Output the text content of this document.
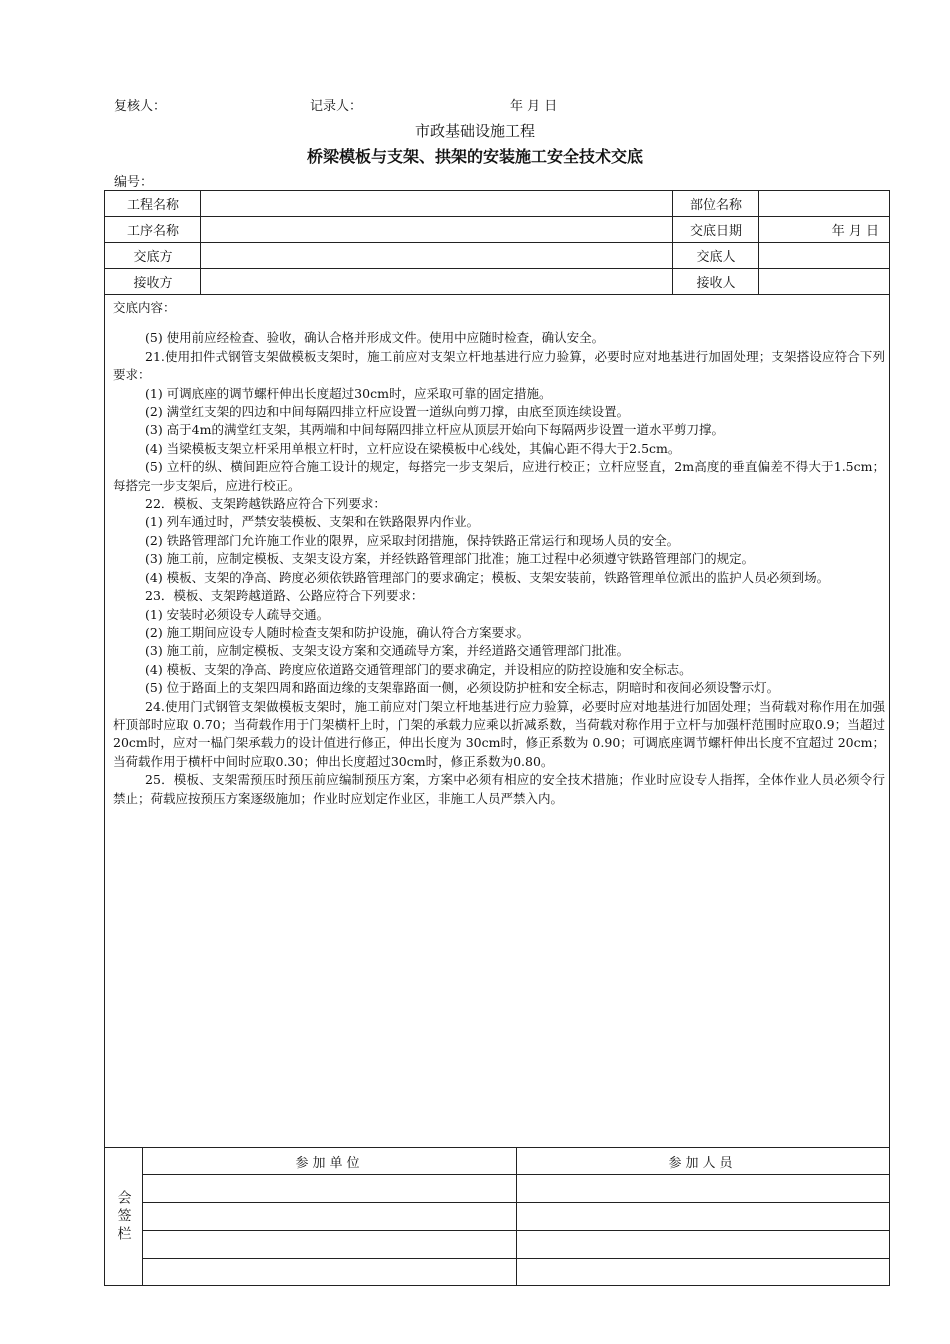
复核人：	记录人：	年 月 日
市政基础设施工程
桥梁模板与支架、拱架的安装施工安全技术交底
编号：
工程名称	部位名称
工序名称	交底日期	年 月 日
交底方	交底人
接收方	接收人

交底内容：

(5) 使用前应经检查、验收，确认合格并形成文件。使用中应随时检查，确认安全。

21.使用扣件式钢管支架做模板支架时，施工前应对支架立杆地基进行应力验算，必要时应对地基进行加固处理；支架搭设应符合下列要求：

(1) 可调底座的调节螺杆伸出长度超过30cm时，应采取可靠的固定措施。

(2) 满堂红支架的四边和中间每隔四排立杆应设置一道纵向剪刀撑，由底至顶连续设置。

(3) 高于4m的满堂红支架，其两端和中间每隔四排立杆应从顶层开始向下每隔两步设置一道水平剪刀撑。

(4) 当梁模板支架立杆采用单根立杆时，立杆应设在梁模板中心线处，其偏心距不得大于2.5cm。

(5) 立杆的纵、横间距应符合施工设计的规定，每搭完一步支架后，应进行校正；立杆应竖直，2m高度的垂直偏差不得大于1.5cm；每搭完一步支架后，应进行校正。

22．模板、支架跨越铁路应符合下列要求：

(1) 列车通过时，严禁安装模板、支架和在铁路限界内作业。

(2) 铁路管理部门允许施工作业的限界，应采取封闭措施，保持铁路正常运行和现场人员的安全。

(3) 施工前，应制定模板、支架支设方案，并经铁路管理部门批准；施工过程中必须遵守铁路管理部门的规定。

(4) 模板、支架的净高、跨度必须依铁路管理部门的要求确定；模板、支架安装前，铁路管理单位派出的监护人员必须到场。

23．模板、支架跨越道路、公路应符合下列要求：

(1) 安装时必须设专人疏导交通。

(2) 施工期间应设专人随时检查支架和防护设施，确认符合方案要求。

(3) 施工前，应制定模板、支架支设方案和交通疏导方案，并经道路交通管理部门批准。

(4) 模板、支架的净高、跨度应依道路交通管理部门的要求确定，并设相应的防控设施和安全标志。

(5) 位于路面上的支架四周和路面边缘的支架靠路面一侧，必须设防护桩和安全标志，阴暗时和夜间必须设警示灯。

24.使用门式钢管支架做模板支架时，施工前应对门架立杆地基进行应力验算，必要时应对地基进行加固处理；当荷载对称作用在加强杆顶部时应取 0.70；当荷载作用于门架横杆上时，门架的承载力应乘以折减系数，当荷载对称作用于立杆与加强杆范围时应取0.9；当超过20cm时，应对一榀门架承载力的设计值进行修正，伸出长度为 30cm时，修正系数为 0.90；可调底座调节螺杆伸出长度不宜超过 20cm；当荷载作用于横杆中间时应取0.30；伸出长度超过30cm时，修正系数为0.80。

25．模板、支架需预压时预压前应编制预压方案，方案中必须有相应的安全技术措施；作业时应设专人指挥，全体作业人员必须令行禁止；荷载应按预压方案逐级施加；作业时应划定作业区，非施工人员严禁入内。

会签栏
参加单位	参加人员
